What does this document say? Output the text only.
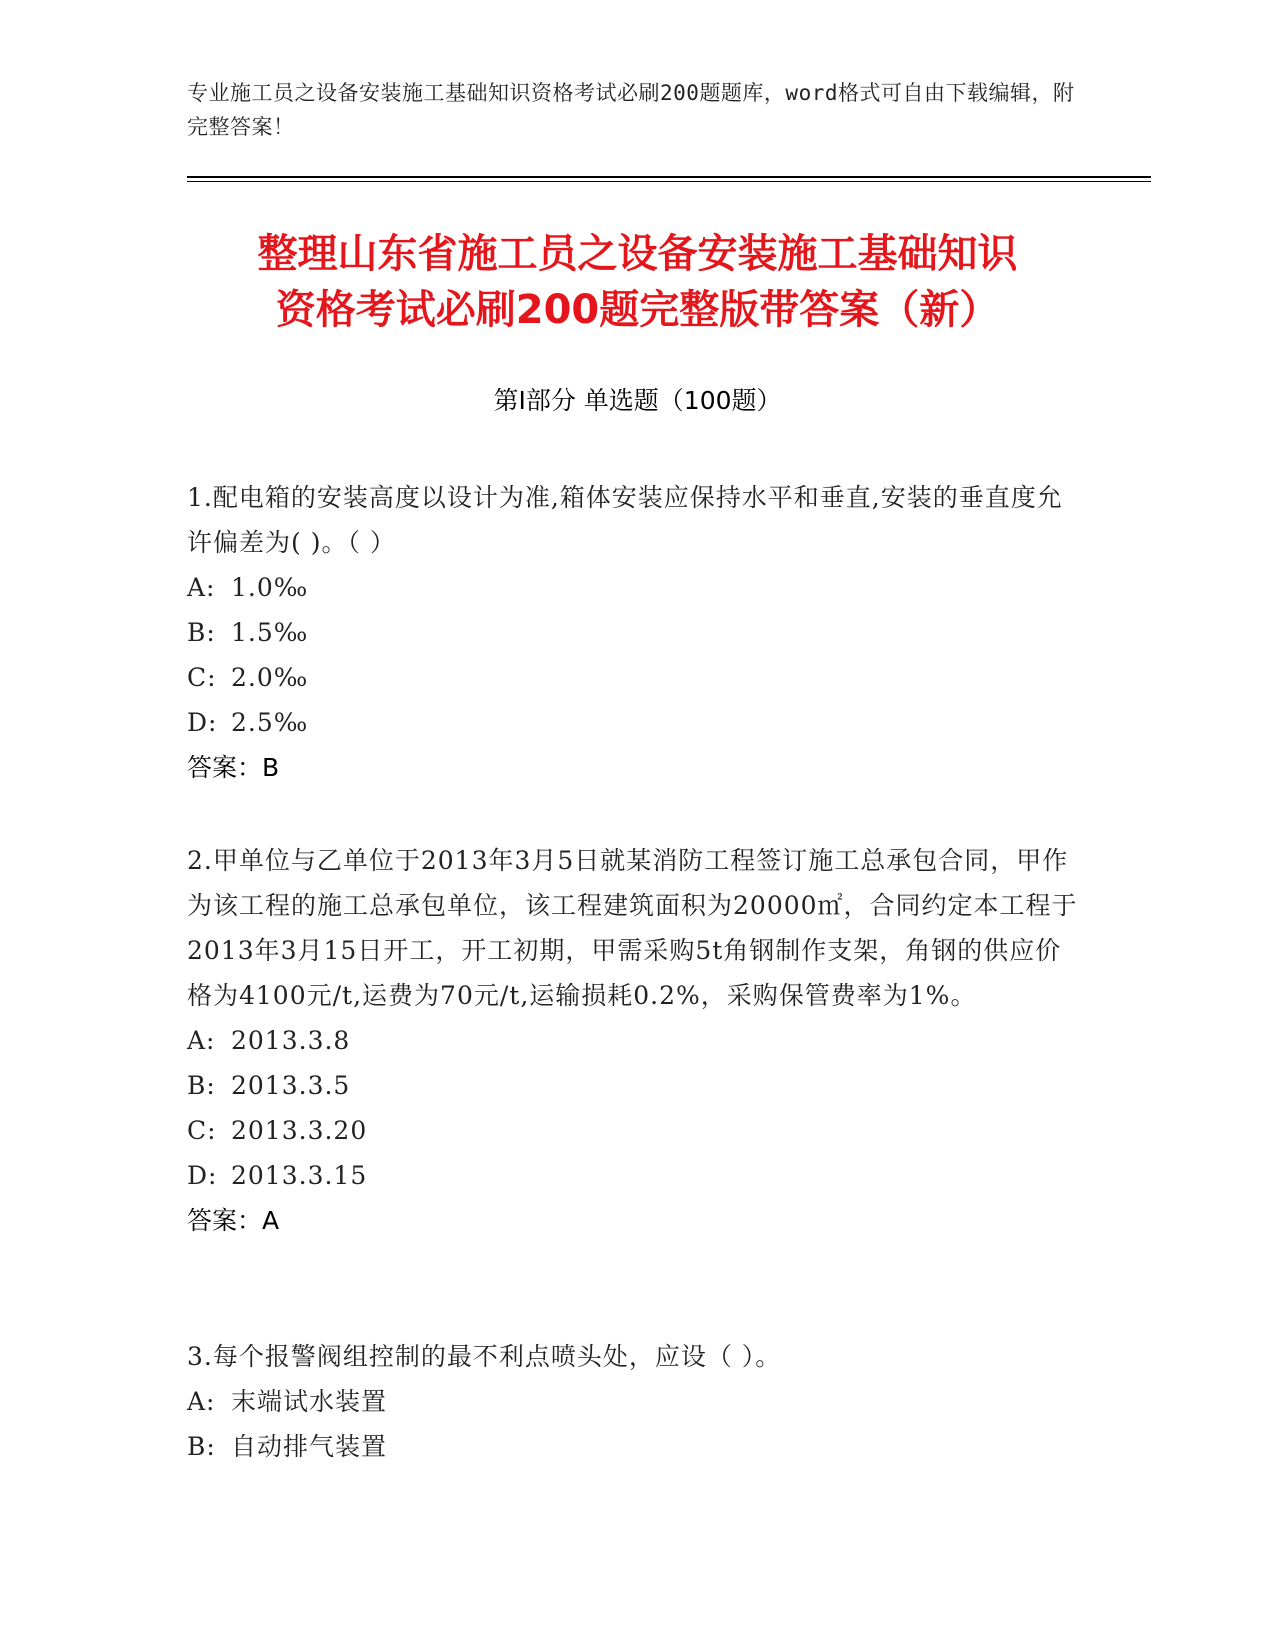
专业施工员之设备安装施工基础知识资格考试必刷200题题库，word格式可自由下载编辑，附完整答案！
整理山东省施工员之设备安装施工基础知识
资格考试必刷200题完整版带答案（新）
第Ⅰ部分 单选题（100题）

1.配电箱的安装高度以设计为准,箱体安装应保持水平和垂直,安装的垂直度允许偏差为( )。（ ）

A: 1.0‰

B: 1.5‰

C: 2.0‰

D: 2.5‰

答案：B

2.甲单位与乙单位于2013年3月5日就某消防工程签订施工总承包合同，甲作为该工程的施工总承包单位，该工程建筑面积为20000㎡，合同约定本工程于2013年3月15日开工，开工初期，甲需采购5t角钢制作支架，角钢的供应价格为4100元/t,运费为70元/t,运输损耗0.2%，采购保管费率为1%。

A: 2013.3.8

B: 2013.3.5

C: 2013.3.20

D: 2013.3.15

答案：A

3.每个报警阀组控制的最不利点喷头处，应设（ ）。

A: 末端试水装置

B: 自动排气装置
